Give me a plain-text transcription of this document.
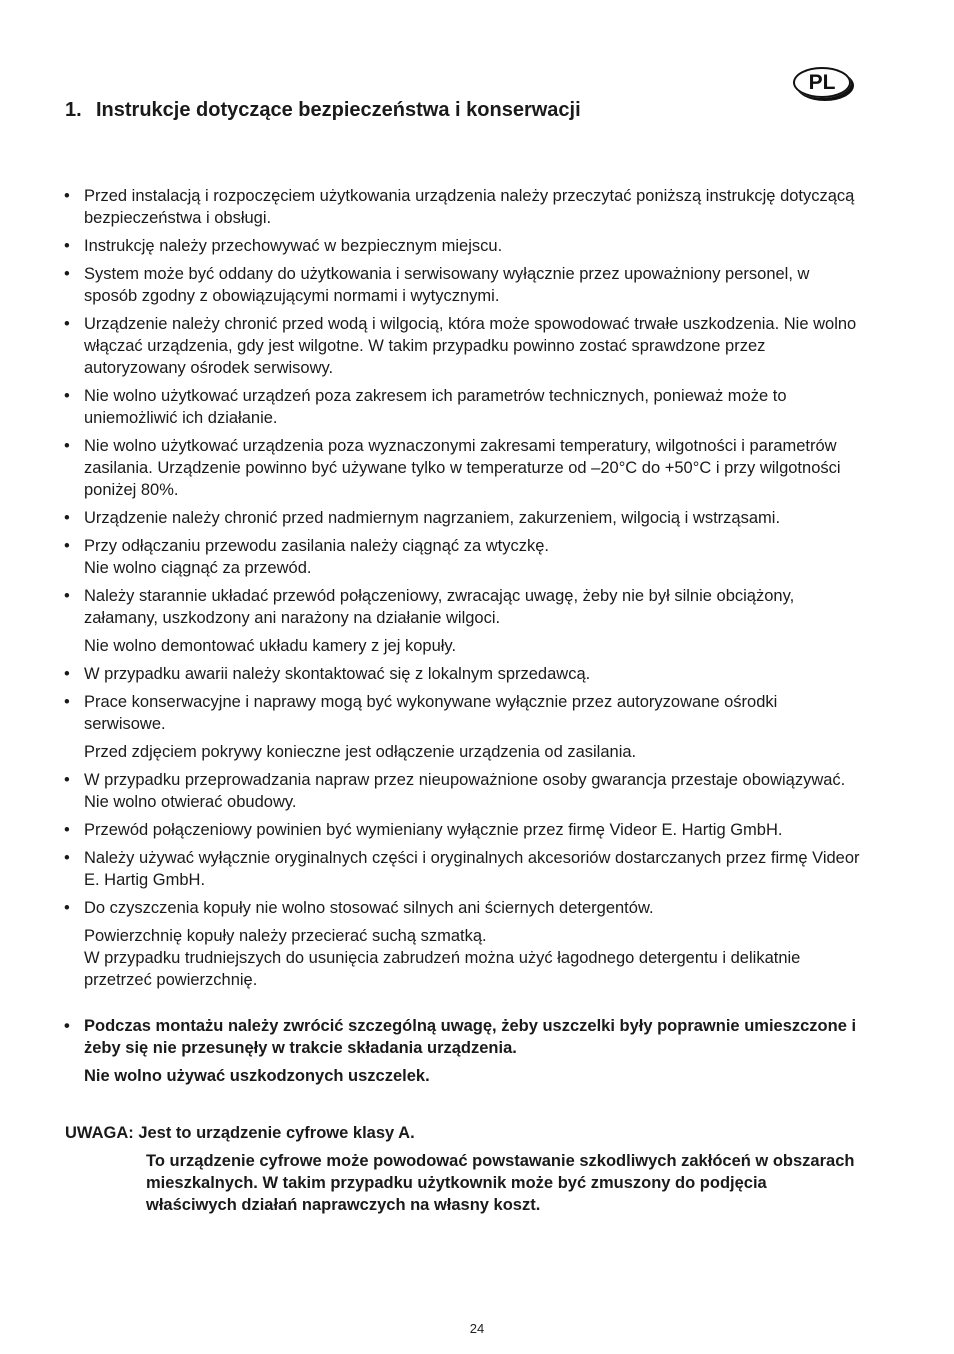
PL
1. Instrukcje dotyczące bezpieczeństwa i konserwacji
• Przed instalacją i rozpoczęciem użytkowania urządzenia należy przeczytać poniższą instrukcję dotyczącą bezpieczeństwa i obsługi.
• Instrukcję należy przechowywać w bezpiecznym miejscu.
• System może być oddany do użytkowania i serwisowany wyłącznie przez upoważniony personel, w sposób zgodny z obowiązującymi normami i wytycznymi.
• Urządzenie należy chronić przed wodą i wilgocią, która może spowodować trwałe uszkodzenia. Nie wolno włączać urządzenia, gdy jest wilgotne. W takim przypadku powinno zostać sprawdzone przez autoryzowany ośrodek serwisowy.
• Nie wolno użytkować urządzeń poza zakresem ich parametrów technicznych, ponieważ może to uniemożliwić ich działanie.
• Nie wolno użytkować urządzenia poza wyznaczonymi zakresami temperatury, wilgotności i parametrów zasilania. Urządzenie powinno być używane tylko w temperaturze od –20°C do +50°C i przy wilgotności poniżej 80%.
• Urządzenie należy chronić przed nadmiernym nagrzaniem, zakurzeniem, wilgocią i wstrząsami.
• Przy odłączaniu przewodu zasilania należy ciągnąć za wtyczkę.
Nie wolno ciągnąć za przewód.
• Należy starannie układać przewód połączeniowy, zwracając uwagę, żeby nie był silnie obciążony, załamany, uszkodzony ani narażony na działanie wilgoci.
Nie wolno demontować układu kamery z jej kopuły.
• W przypadku awarii należy skontaktować się z lokalnym sprzedawcą.
• Prace konserwacyjne i naprawy mogą być wykonywane wyłącznie przez autoryzowane ośrodki serwisowe.
Przed zdjęciem pokrywy konieczne jest odłączenie urządzenia od zasilania.
• W przypadku przeprowadzania napraw przez nieupoważnione osoby gwarancja przestaje obowiązywać. Nie wolno otwierać obudowy.
• Przewód połączeniowy powinien być wymieniany wyłącznie przez firmę Videor E. Hartig GmbH.
• Należy używać wyłącznie oryginalnych części i oryginalnych akcesoriów dostarczanych przez firmę Videor E. Hartig GmbH.
• Do czyszczenia kopuły nie wolno stosować silnych ani ściernych detergentów.
Powierzchnię kopuły należy przecierać suchą szmatką.
W przypadku trudniejszych do usunięcia zabrudzeń można użyć łagodnego detergentu i delikatnie przetrzeć powierzchnię.
• Podczas montażu należy zwrócić szczególną uwagę, żeby uszczelki były poprawnie umieszczone i żeby się nie przesunęły w trakcie składania urządzenia.
Nie wolno używać uszkodzonych uszczelek.
UWAGA: Jest to urządzenie cyfrowe klasy A.
To urządzenie cyfrowe może powodować powstawanie szkodliwych zakłóceń w obszarach mieszkalnych. W takim przypadku użytkownik może być zmuszony do podjęcia właściwych działań naprawczych na własny koszt.
24
